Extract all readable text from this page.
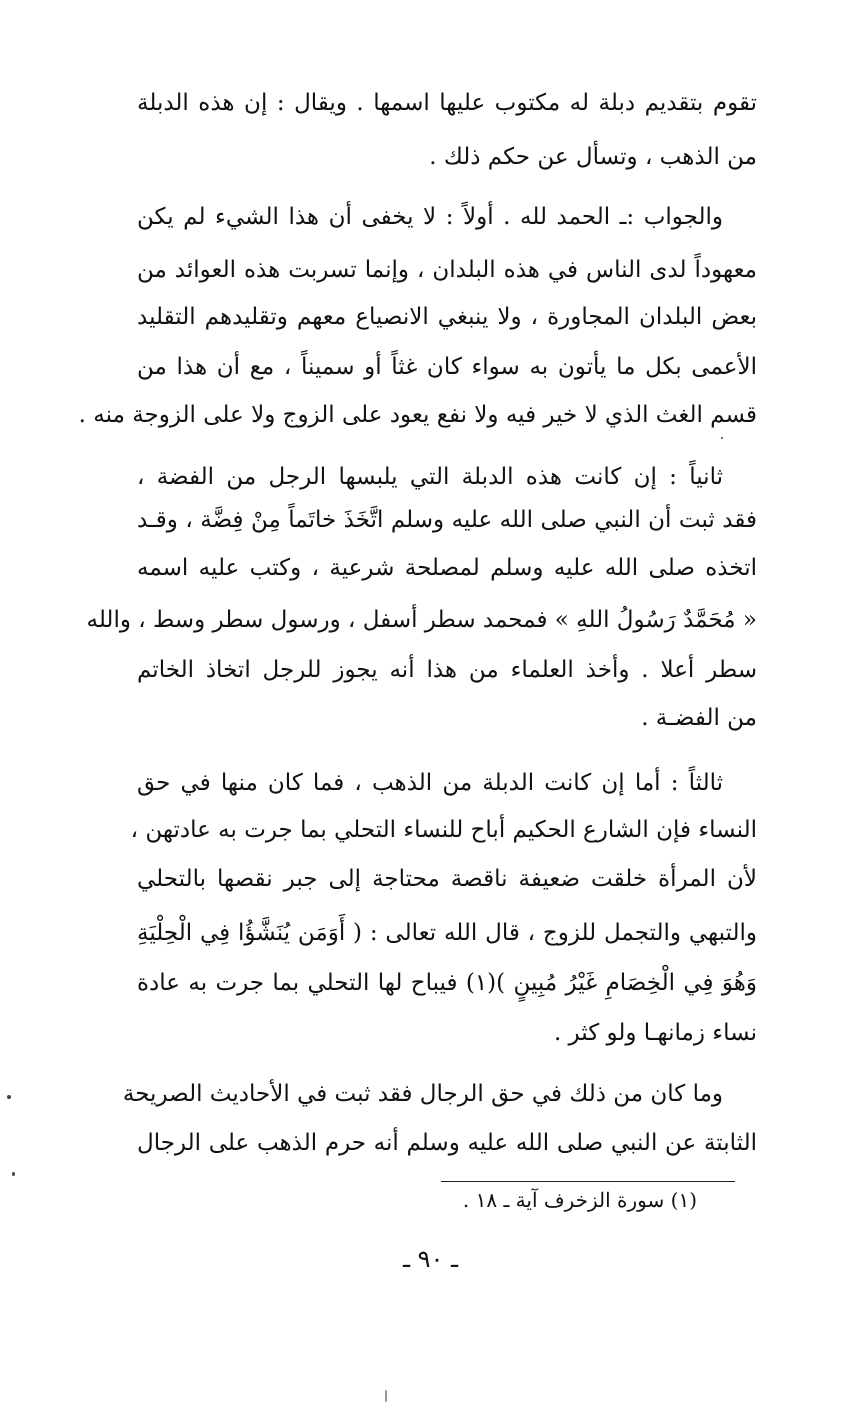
تقوم بتقديم دبلة له مكتوب عليها اسمها . ويقال : إن هذه الدبلة
من الذهب ، وتسأل عن حكم ذلك .
والجواب :ـ الحمد لله . أولاً : لا يخفى أن هذا الشيء لم يكن
معهوداً لدى الناس في هذه البلدان ، وإنما تسربت هذه العوائد من
بعض البلدان المجاورة ، ولا ينبغي الانصياع معهم وتقليدهم التقليد
الأعمى بكل ما يأتون به سواء كان غثاً أو سميناً ، مع أن هذا من
قسم الغث الذي لا خير فيه ولا نفع يعود على الزوج ولا على الزوجة منه .
ثانياً : إن كانت هذه الدبلة التي يلبسها الرجل من الفضة ،
فقد ثبت أن النبي صلى الله عليه وسلم اتَّخَذَ خاتَماً مِنْ فِضَّة ، وقـد
اتخذه صلى الله عليه وسلم لمصلحة شرعية ، وكتب عليه اسمه
« مُحَمَّدٌ رَسُولُ اللهِ » فمحمد سطر أسفل ، ورسول سطر وسط ، والله
سطر أعلا . وأخذ العلماء من هذا أنه يجوز للرجل اتخاذ الخاتم
من الفضـة .
ثالثاً : أما إن كانت الدبلة من الذهب ، فما كان منها في حق
النساء فإن الشارع الحكيم أباح للنساء التحلي بما جرت به عادتهن ،
لأن المرأة خلقت ضعيفة ناقصة محتاجة إلى جبر نقصها بالتحلي
والتبهي والتجمل للزوج ، قال الله تعالى : ( أَوَمَن يُنَشَّؤُا فِي الْحِلْيَةِ
وَهُوَ فِي الْخِصَامِ غَيْرُ مُبِينٍ )(١) فيباح لها التحلي بما جرت به عادة
نساء زمانهـا ولو كثر .
وما كان من ذلك في حق الرجال فقد ثبت في الأحاديث الصريحة
الثابتة عن النبي صلى الله عليه وسلم أنه حرم الذهب على الرجال
(١) سورة الزخرف آية ـ ١٨ .
ـ ٩٠ ـ
